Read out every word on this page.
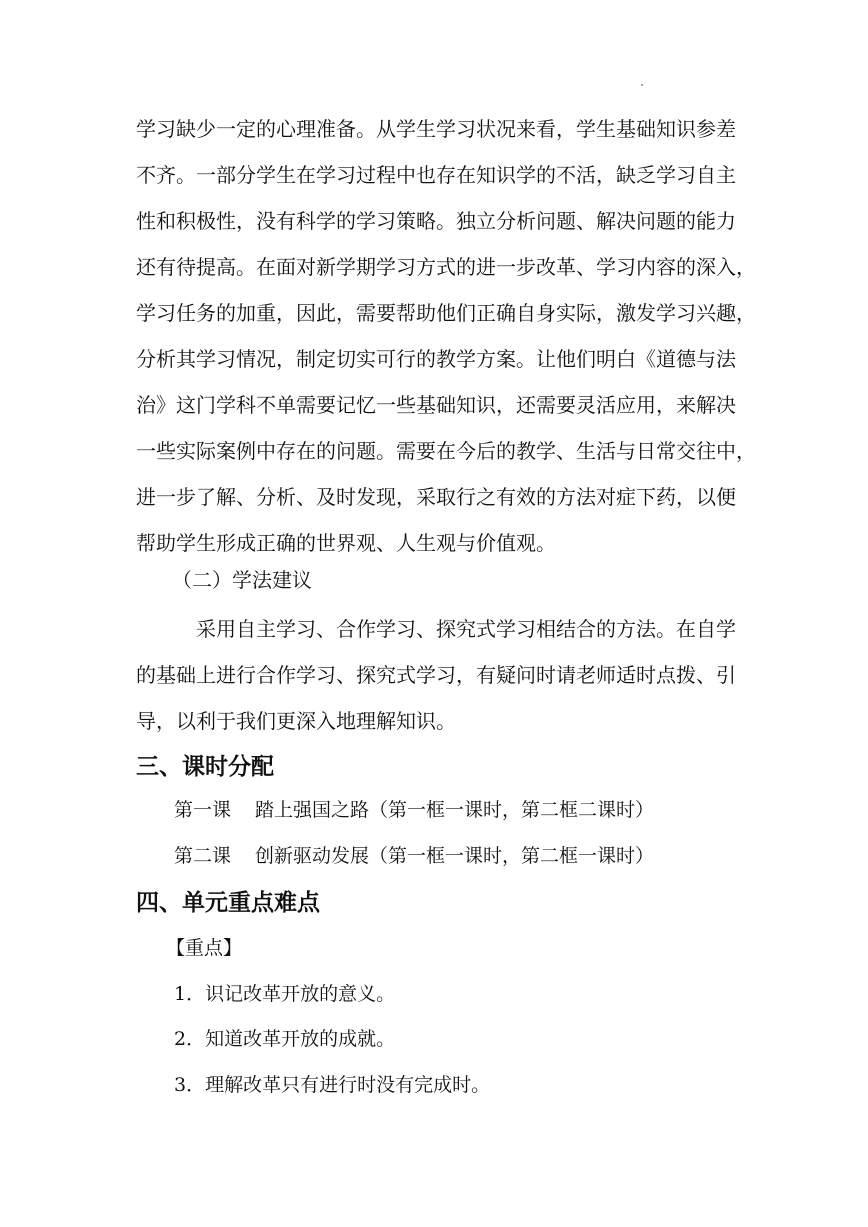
学习缺少一定的心理准备。从学生学习状况来看，学生基础知识参差
不齐。一部分学生在学习过程中也存在知识学的不活，缺乏学习自主
性和积极性，没有科学的学习策略。独立分析问题、解决问题的能力
还有待提高。在面对新学期学习方式的进一步改革、学习内容的深入，
学习任务的加重，因此，需要帮助他们正确自身实际，激发学习兴趣，
分析其学习情况，制定切实可行的教学方案。让他们明白《道德与法
治》这门学科不单需要记忆一些基础知识，还需要灵活应用，来解决
一些实际案例中存在的问题。需要在今后的教学、生活与日常交往中，
进一步了解、分析、及时发现，采取行之有效的方法对症下药，以便
帮助学生形成正确的世界观、人生观与价值观。
（二）学法建议
　采用自主学习、合作学习、探究式学习相结合的方法。在自学
的基础上进行合作学习、探究式学习，有疑问时请老师适时点拨、引
导，以利于我们更深入地理解知识。
三、课时分配

第一课 踏上强国之路（第一框一课时，第二框二课时）

第二课 创新驱动发展（第一框一课时，第二框一课时）

四、单元重点难点

【重点】

1．识记改革开放的意义。

2．知道改革开放的成就。

3．理解改革只有进行时没有完成时。
